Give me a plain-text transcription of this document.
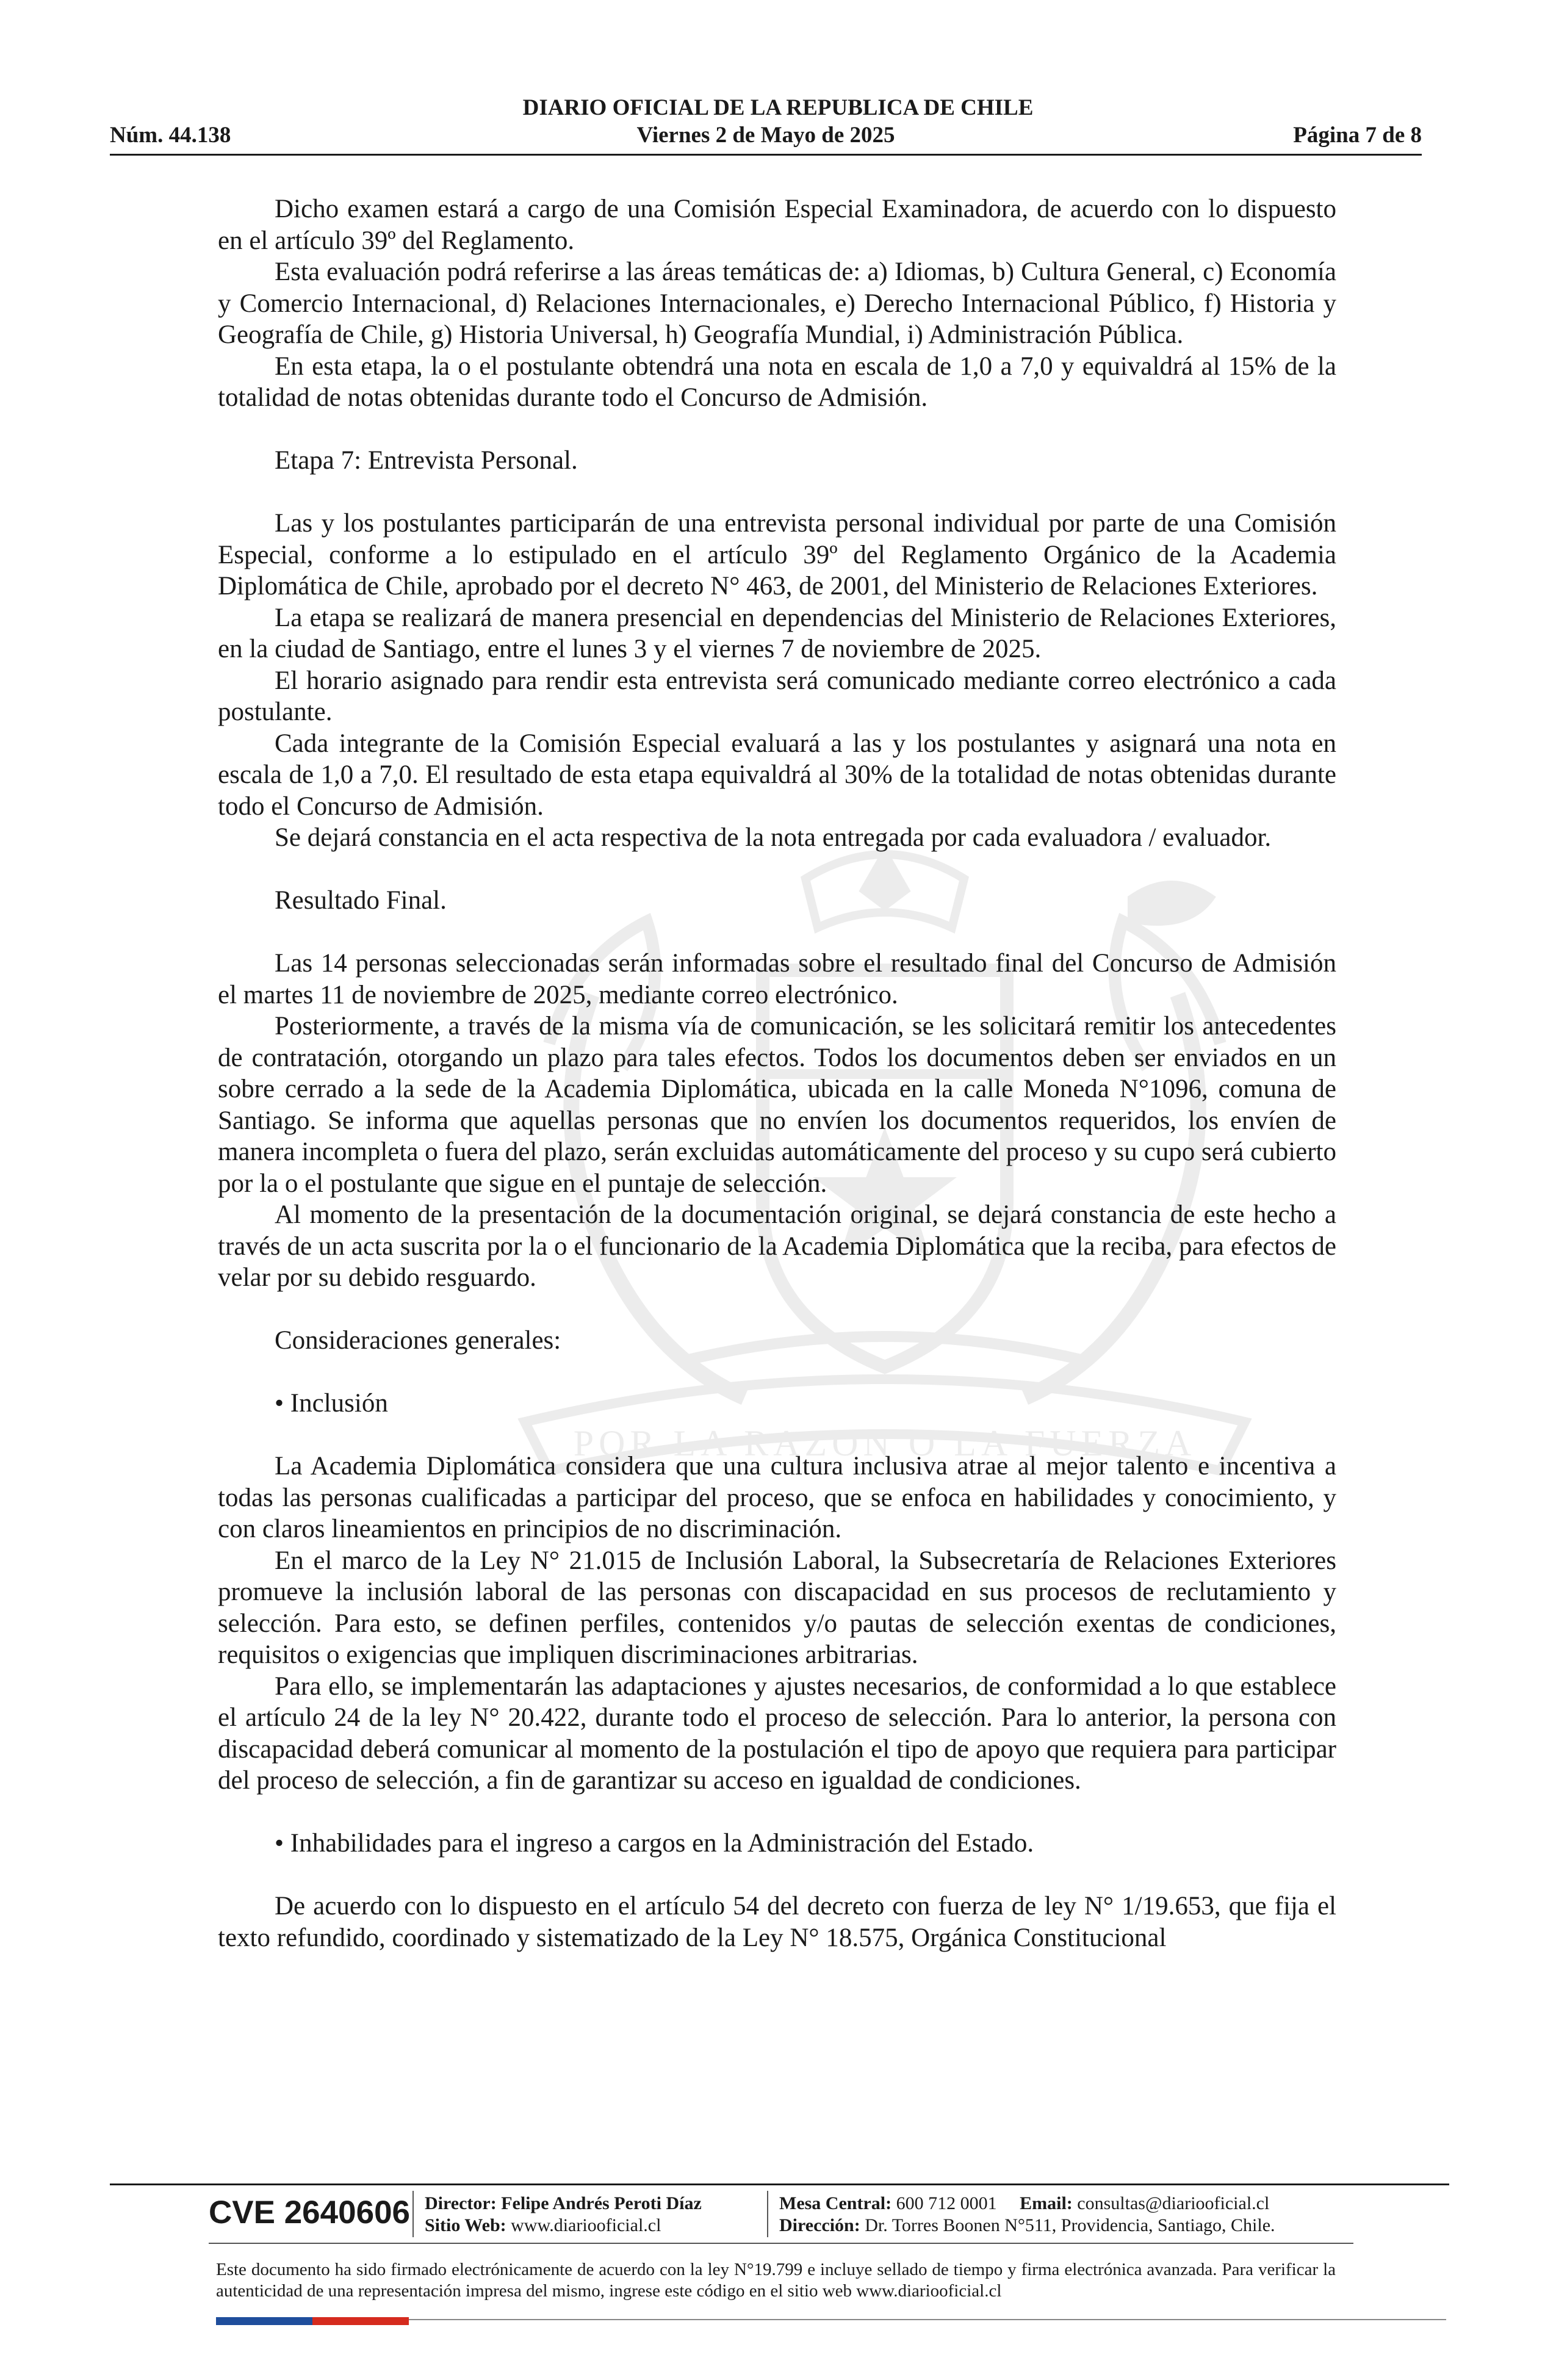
POR LA RAZON O LA FUERZA
DIARIO OFICIAL DE LA REPUBLICA DE CHILE
Viernes 2 de Mayo de 2025
Núm. 44.138	Página 7 de 8

Dicho examen estará a cargo de una Comisión Especial Examinadora, de acuerdo con lo dispuesto en el artículo 39º del Reglamento.

Esta evaluación podrá referirse a las áreas temáticas de: a) Idiomas, b) Cultura General, c) Economía y Comercio Internacional, d) Relaciones Internacionales, e) Derecho Internacional Público, f) Historia y Geografía de Chile, g) Historia Universal, h) Geografía Mundial, i) Administración Pública.

En esta etapa, la o el postulante obtendrá una nota en escala de 1,0 a 7,0 y equivaldrá al 15% de la totalidad de notas obtenidas durante todo el Concurso de Admisión.

Etapa 7: Entrevista Personal.

Las y los postulantes participarán de una entrevista personal individual por parte de una Comisión Especial, conforme a lo estipulado en el artículo 39º del Reglamento Orgánico de la Academia Diplomática de Chile, aprobado por el decreto N° 463, de 2001, del Ministerio de Relaciones Exteriores.

La etapa se realizará de manera presencial en dependencias del Ministerio de Relaciones Exteriores, en la ciudad de Santiago, entre el lunes 3 y el viernes 7 de noviembre de 2025.

El horario asignado para rendir esta entrevista será comunicado mediante correo electrónico a cada postulante.

Cada integrante de la Comisión Especial evaluará a las y los postulantes y asignará una nota en escala de 1,0 a 7,0. El resultado de esta etapa equivaldrá al 30% de la totalidad de notas obtenidas durante todo el Concurso de Admisión.

Se dejará constancia en el acta respectiva de la nota entregada por cada evaluadora / evaluador.

Resultado Final.

Las 14 personas seleccionadas serán informadas sobre el resultado final del Concurso de Admisión el martes 11 de noviembre de 2025, mediante correo electrónico.

Posteriormente, a través de la misma vía de comunicación, se les solicitará remitir los antecedentes de contratación, otorgando un plazo para tales efectos. Todos los documentos deben ser enviados en un sobre cerrado a la sede de la Academia Diplomática, ubicada en la calle Moneda N°1096, comuna de Santiago. Se informa que aquellas personas que no envíen los documentos requeridos, los envíen de manera incompleta o fuera del plazo, serán excluidas automáticamente del proceso y su cupo será cubierto por la o el postulante que sigue en el puntaje de selección.

Al momento de la presentación de la documentación original, se dejará constancia de este hecho a través de un acta suscrita por la o el funcionario de la Academia Diplomática que la reciba, para efectos de velar por su debido resguardo.

Consideraciones generales:

• Inclusión

La Academia Diplomática considera que una cultura inclusiva atrae al mejor talento e incentiva a todas las personas cualificadas a participar del proceso, que se enfoca en habilidades y conocimiento, y con claros lineamientos en principios de no discriminación.

En el marco de la Ley N° 21.015 de Inclusión Laboral, la Subsecretaría de Relaciones Exteriores promueve la inclusión laboral de las personas con discapacidad en sus procesos de reclutamiento y selección. Para esto, se definen perfiles, contenidos y/o pautas de selección exentas de condiciones, requisitos o exigencias que impliquen discriminaciones arbitrarias.

Para ello, se implementarán las adaptaciones y ajustes necesarios, de conformidad a lo que establece el artículo 24 de la ley N° 20.422, durante todo el proceso de selección. Para lo anterior, la persona con discapacidad deberá comunicar al momento de la postulación el tipo de apoyo que requiera para participar del proceso de selección, a fin de garantizar su acceso en igualdad de condiciones.

• Inhabilidades para el ingreso a cargos en la Administración del Estado.

De acuerdo con lo dispuesto en el artículo 54 del decreto con fuerza de ley N° 1/19.653, que fija el texto refundido, coordinado y sistematizado de la Ley N° 18.575, Orgánica Constitucional

CVE 2640606 Director: Felipe Andrés Peroti Díaz
Sitio Web: www.diariooficial.cl
Mesa Central: 600 712 0001 Email: consultas@diariooficial.cl
Dirección: Dr. Torres Boonen N°511, Providencia, Santiago, Chile.
Este documento ha sido firmado electrónicamente de acuerdo con la ley N°19.799 e incluye sellado de tiempo y firma electrónica avanzada. Para verificar la autenticidad de una representación impresa del mismo, ingrese este código en el sitio web www.diariooficial.cl
